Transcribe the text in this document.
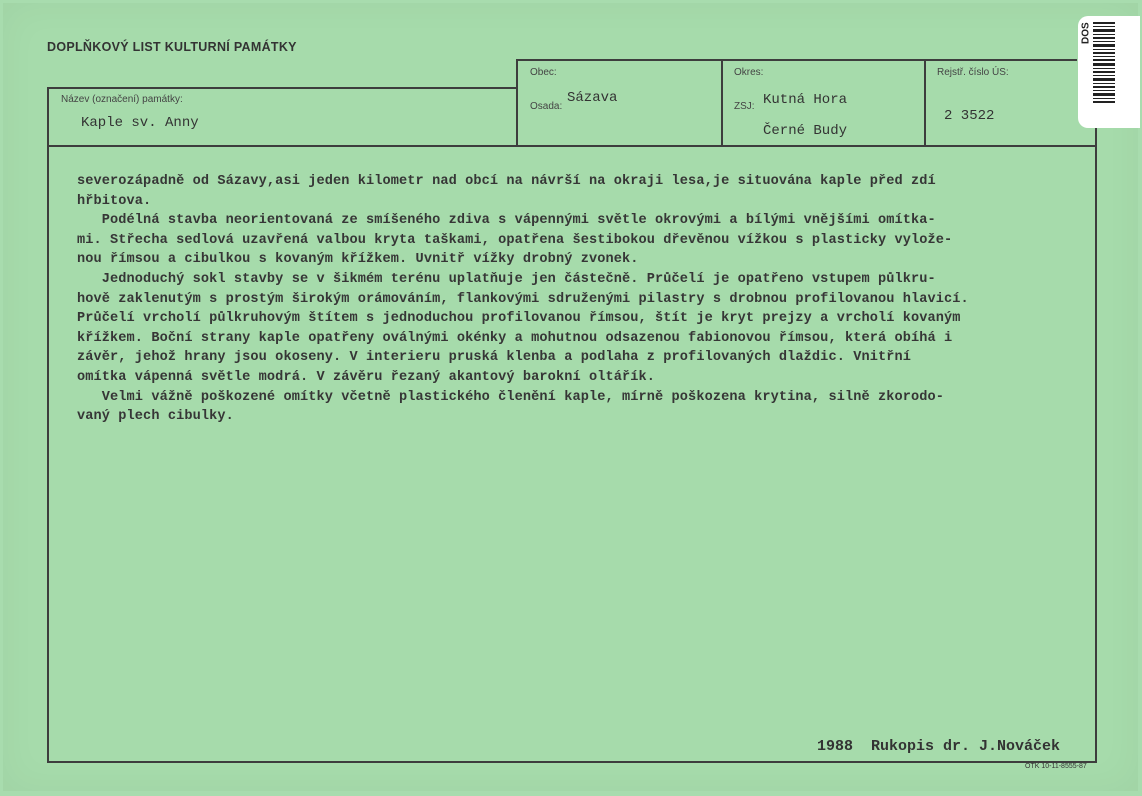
DOPLŇKOVÝ LIST KULTURNÍ PAMÁTKY
DOS
Obec:
Osada:
Sázava
Okres:
ZSJ: Kutná Hora
Černé Budy
Rejstř. číslo ÚS:
2 3522
Název (označení) památky:
Kaple sv. Anny

severozápadně od Sázavy,asi jeden kilometr nad obcí na návrší na okraji lesa,je situována kaple před zdí

hřbitova.

Podélná stavba neorientovaná ze smíšeného zdiva s vápennými světle okrovými a bílými vnějšími omítka-

mi. Střecha sedlová uzavřená valbou kryta taškami, opatřena šestibokou dřevěnou vížkou s plasticky vylože-

nou římsou a cibulkou s kovaným křížkem. Uvnitř vížky drobný zvonek.

Jednoduchý sokl stavby se v šikmém terénu uplatňuje jen částečně. Průčelí je opatřeno vstupem půlkru-

hově zaklenutým s prostým širokým orámováním, flankovými sdruženými pilastry s drobnou profilovanou hlavicí.

Průčelí vrcholí půlkruhovým štítem s jednoduchou profilovanou římsou, štít je kryt prejzy a vrcholí kovaným

křížkem. Boční strany kaple opatřeny oválnými okénky a mohutnou odsazenou fabionovou římsou, která obíhá i

závěr, jehož hrany jsou okoseny. V interieru pruská klenba a podlaha z profilovaných dlaždic. Vnitřní

omítka vápenná světle modrá. V závěru řezaný akantový barokní oltářík.

Velmi vážně poškozené omítky včetně plastického členění kaple, mírně poškozena krytina, silně zkorodo-

vaný plech cibulky.

1988  Rukopis dr. J.Nováček
OTK 10-11-8555-87
